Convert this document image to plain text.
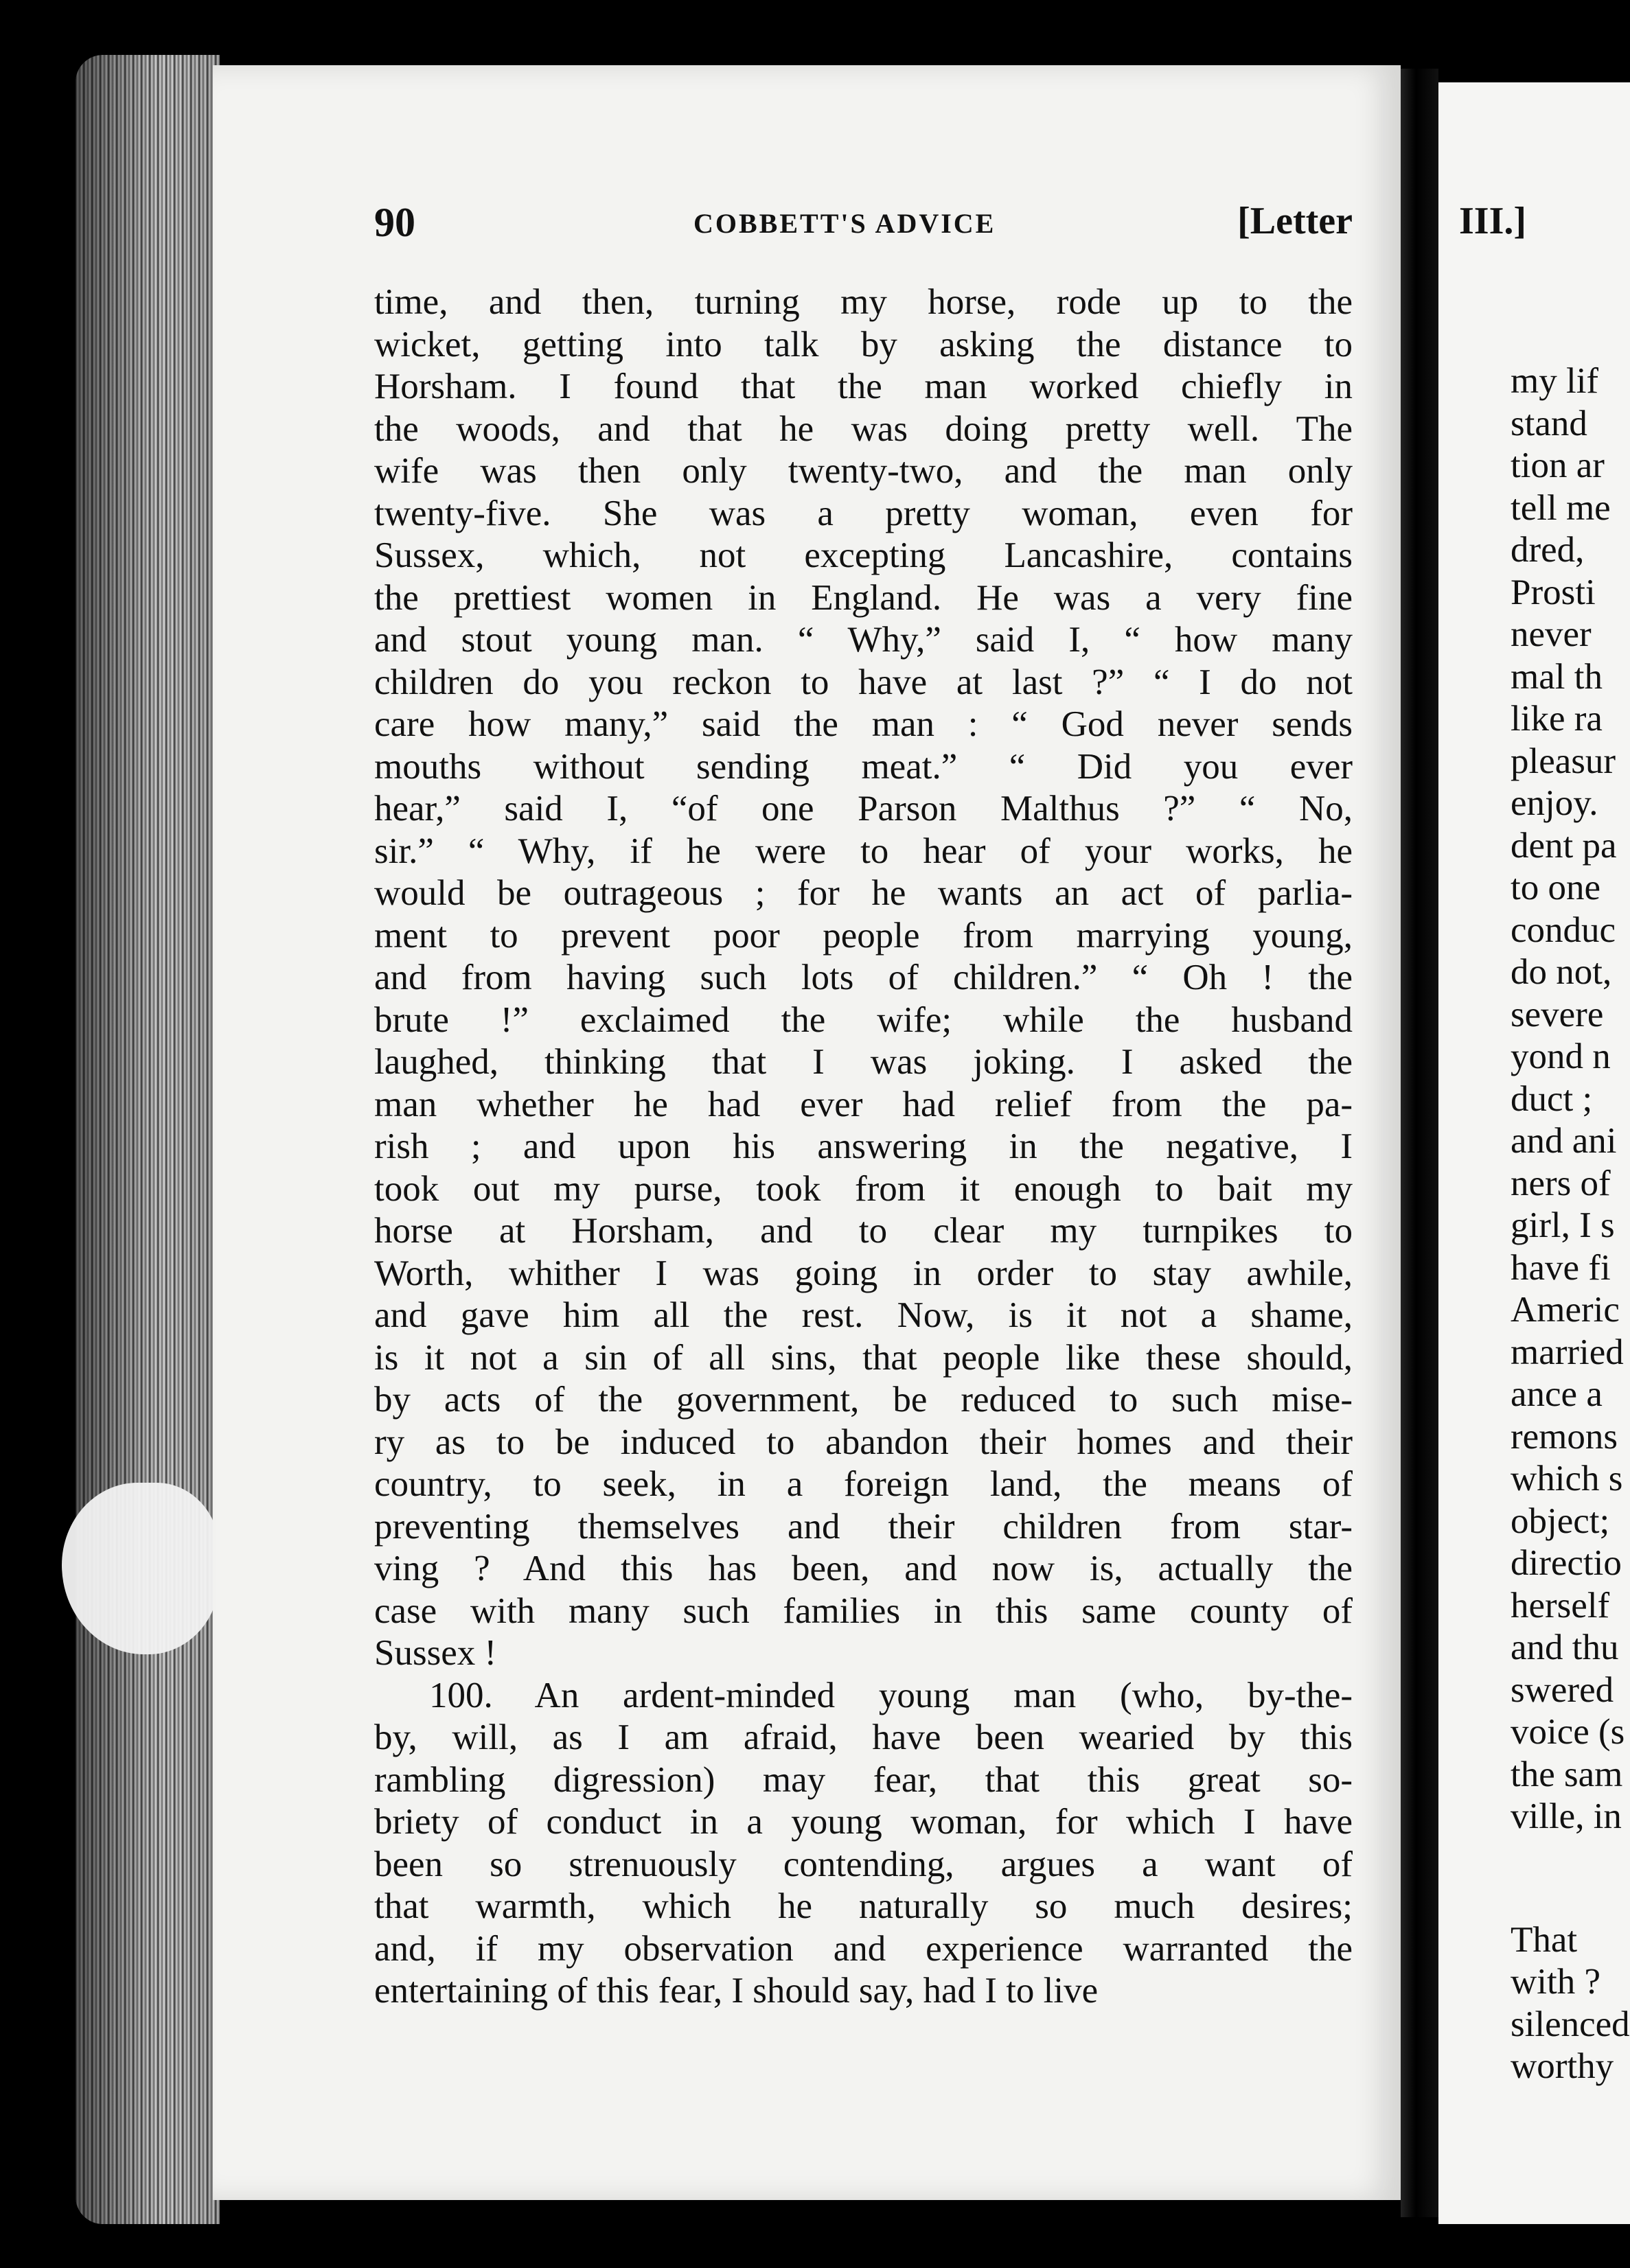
90	COBBETT'S ADVICE	[Letter
time, and then, turning my horse, rode up to the
wicket, getting into talk by asking the distance to
Horsham. I found that the man worked chiefly in
the woods, and that he was doing pretty well. The
wife was then only twenty-two, and the man only
twenty-five. She was a pretty woman, even for
Sussex, which, not excepting Lancashire, contains
the prettiest women in England. He was a very fine
and stout young man. “ Why,” said I, “ how many
children do you reckon to have at last ?” “ I do not
care how many,” said the man : “ God never sends
mouths without sending meat.” “ Did you ever
hear,” said I, “of one Parson Malthus ?” “ No,
sir.” “ Why, if he were to hear of your works, he
would be outrageous ; for he wants an act of parlia-
ment to prevent poor people from marrying young,
and from having such lots of children.” “ Oh ! the
brute !” exclaimed the wife; while the husband
laughed, thinking that I was joking. I asked the
man whether he had ever had relief from the pa-
rish ; and upon his answering in the negative, I
took out my purse, took from it enough to bait my
horse at Horsham, and to clear my turnpikes to
Worth, whither I was going in order to stay awhile,
and gave him all the rest. Now, is it not a shame,
is it not a sin of all sins, that people like these should,
by acts of the government, be reduced to such mise-
ry as to be induced to abandon their homes and their
country, to seek, in a foreign land, the means of
preventing themselves and their children from star-
ving ? And this has been, and now is, actually the
case with many such families in this same county of
Sussex !
100. An ardent-minded young man (who, by-the-
by, will, as I am afraid, have been wearied by this
rambling digression) may fear, that this great so-
briety of conduct in a young woman, for which I have
been so strenuously contending, argues a want of
that warmth, which he naturally so much desires;
and, if my observation and experience warranted the
entertaining of this fear, I should say, had I to live
III.]
my lif
stand
tion ar
tell me
dred,
Prosti
never
mal th
like ra
pleasur
enjoy.
dent pa
to one
conduc
do not,
severe
yond n
duct ;
and ani
ners of
girl, I s
have fi
Americ
married
ance a
remons
which s
object;
directio
herself
and thu
swered
voice (s
the sam
ville, in
That
with ?
silenced
worthy
